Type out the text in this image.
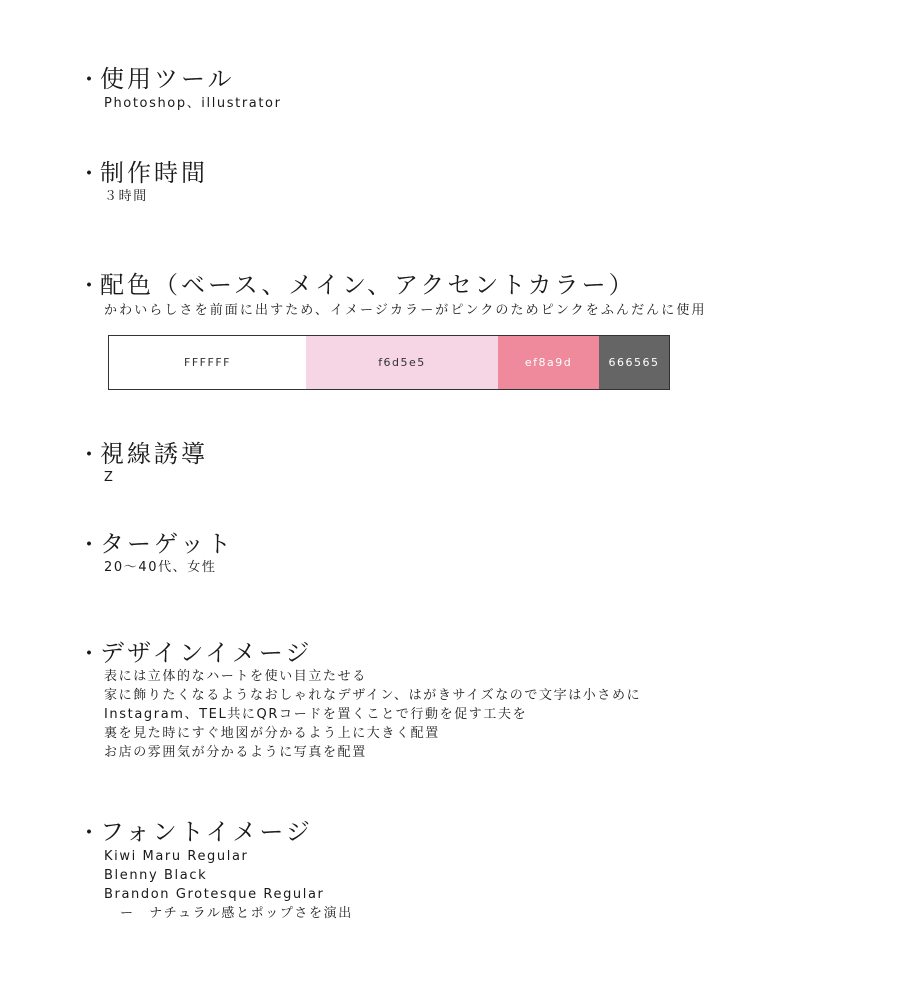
・ 使用ツール
Photoshop、illustrator
・ 制作時間
３時間
・ 配色（ベース、メイン、アクセントカラー）
かわいらしさを前面に出すため、イメージカラーがピンクのためピンクをふんだんに使用
FFFFFF	f6d5e5	ef8a9d	666565
・ 視線誘導
Z
・ ターゲット
20〜40代、女性
・ デザインイメージ
表には立体的なハートを使い目立たせる
家に飾りたくなるようなおしゃれなデザイン、はがきサイズなので文字は小さめに
Instagram、TEL共にQRコードを置くことで行動を促す工夫を
裏を見た時にすぐ地図が分かるよう上に大きく配置
お店の雰囲気が分かるように写真を配置
・ フォントイメージ
Kiwi Maru Regular
Blenny Black
Brandon Grotesque Regular
ー　ナチュラル感とポップさを演出
